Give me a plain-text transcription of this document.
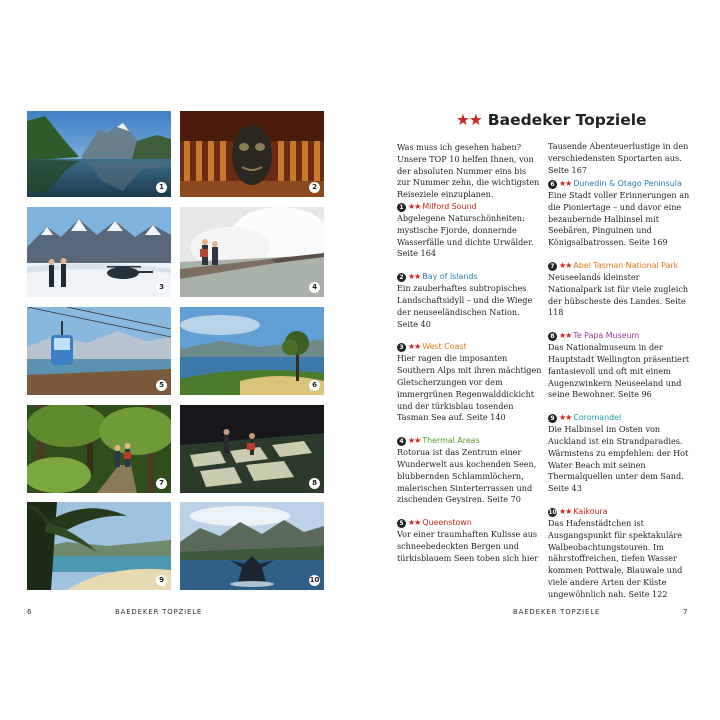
1	2
3	4
5	6
7	8
9	10
6	BAEDEKER TOPZIELE	BAEDEKER TOPZIELE	7
★★ Baedeker Topziele

Was muss ich gesehen haben? Unsere TOP 10 helfen Ihnen, von der absoluten Nummer eins bis zur Nummer zehn, die wichtigsten Reiseziele einzuplanen.

1 ★★ Milford Sound

Abgelegene Naturschönheiten: mystische Fjorde, donnernde Wasserfälle und dichte Urwälder. Seite 164

2 ★★ Bay of Islands

Ein zauberhaftes subtropisches Landschaftsidyll – und die Wiege der neuseeländischen Nation. Seite 40

3 ★★ West Coast

Hier ragen die imposanten Southern Alps mit ihren mächtigen Gletscherzungen vor dem immergrünen Regenwalddickicht und der türkisblau tosenden Tasman Sea auf. Seite 140

4 ★★ Thermal Areas

Rotorua ist das Zentrum einer Wunderwelt aus kochenden Seen, blubbernden Schlammlöchern, malerischen Sinterterrassen und zischenden Geysiren. Seite 70

5 ★★ Queenstown

Vor einer traumhaften Kulisse aus schneebedeckten Bergen und türkisblauem Seen toben sich hier

Tausende Abenteuerlustige in den verschiedensten Sportarten aus. Seite 167

6 ★★ Dunedin & Otago Peninsula

Eine Stadt voller Erinnerungen an die Pioniertage – und davor eine bezaubernde Halbinsel mit Seebären, Pinguinen und Königsalbatrossen. Seite 169

7 ★★ Abel Tasman National Park

Neuseelands kleinster Nationalpark ist für viele zugleich der hübscheste des Landes. Seite 118

8 ★★ Te Papa Museum

Das Nationalmuseum in der Hauptstadt Wellington präsentiert fantasievoll und oft mit einem Augenzwinkern Neuseeland und seine Bewohner. Seite 96

9 ★★ Coromandel

Die Halbinsel im Osten von Auckland ist ein Strandparadies. Wärmstens zu empfehlen: der Hot Water Beach mit seinen Thermalquellen unter dem Sand. Seite 43

10 ★★ Kaikoura

Das Hafenstädtchen ist Ausgangspunkt für spektakuläre Walbeobachtungstouren. Im nährstoffreichen, tiefen Wasser kommen Pottwale, Blauwale und viele andere Arten der Küste ungewöhnlich nah. Seite 122
